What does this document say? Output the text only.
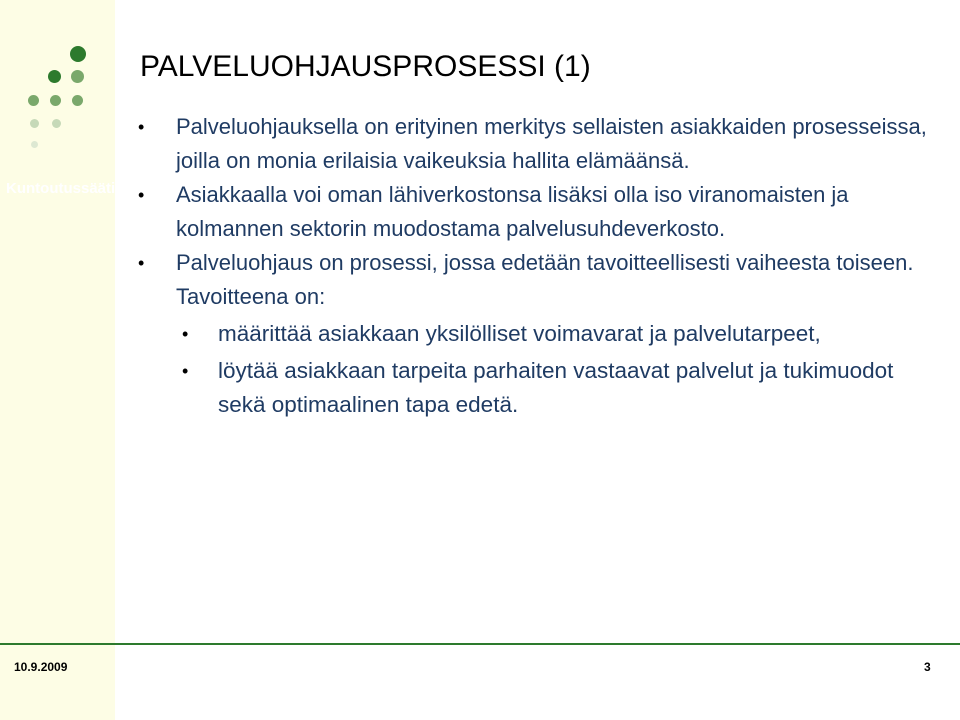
Kuntoutussäätiö
PALVELUOHJAUSPROSESSI (1)
• Palveluohjauksella on erityinen merkitys sellaisten asiakkaiden prosesseissa, joilla on monia erilaisia vaikeuksia hallita elämäänsä.
• Asiakkaalla voi oman lähiverkostonsa lisäksi olla iso viranomaisten ja kolmannen sektorin muodostama palvelusuhdeverkosto.
• Palveluohjaus on prosessi, jossa edetään tavoitteellisesti vaiheesta toiseen. Tavoitteena on:
• määrittää asiakkaan yksilölliset voimavarat ja palvelutarpeet,
• löytää asiakkaan tarpeita parhaiten vastaavat palvelut ja tukimuodot sekä optimaalinen tapa edetä.
10.9.2009	3
